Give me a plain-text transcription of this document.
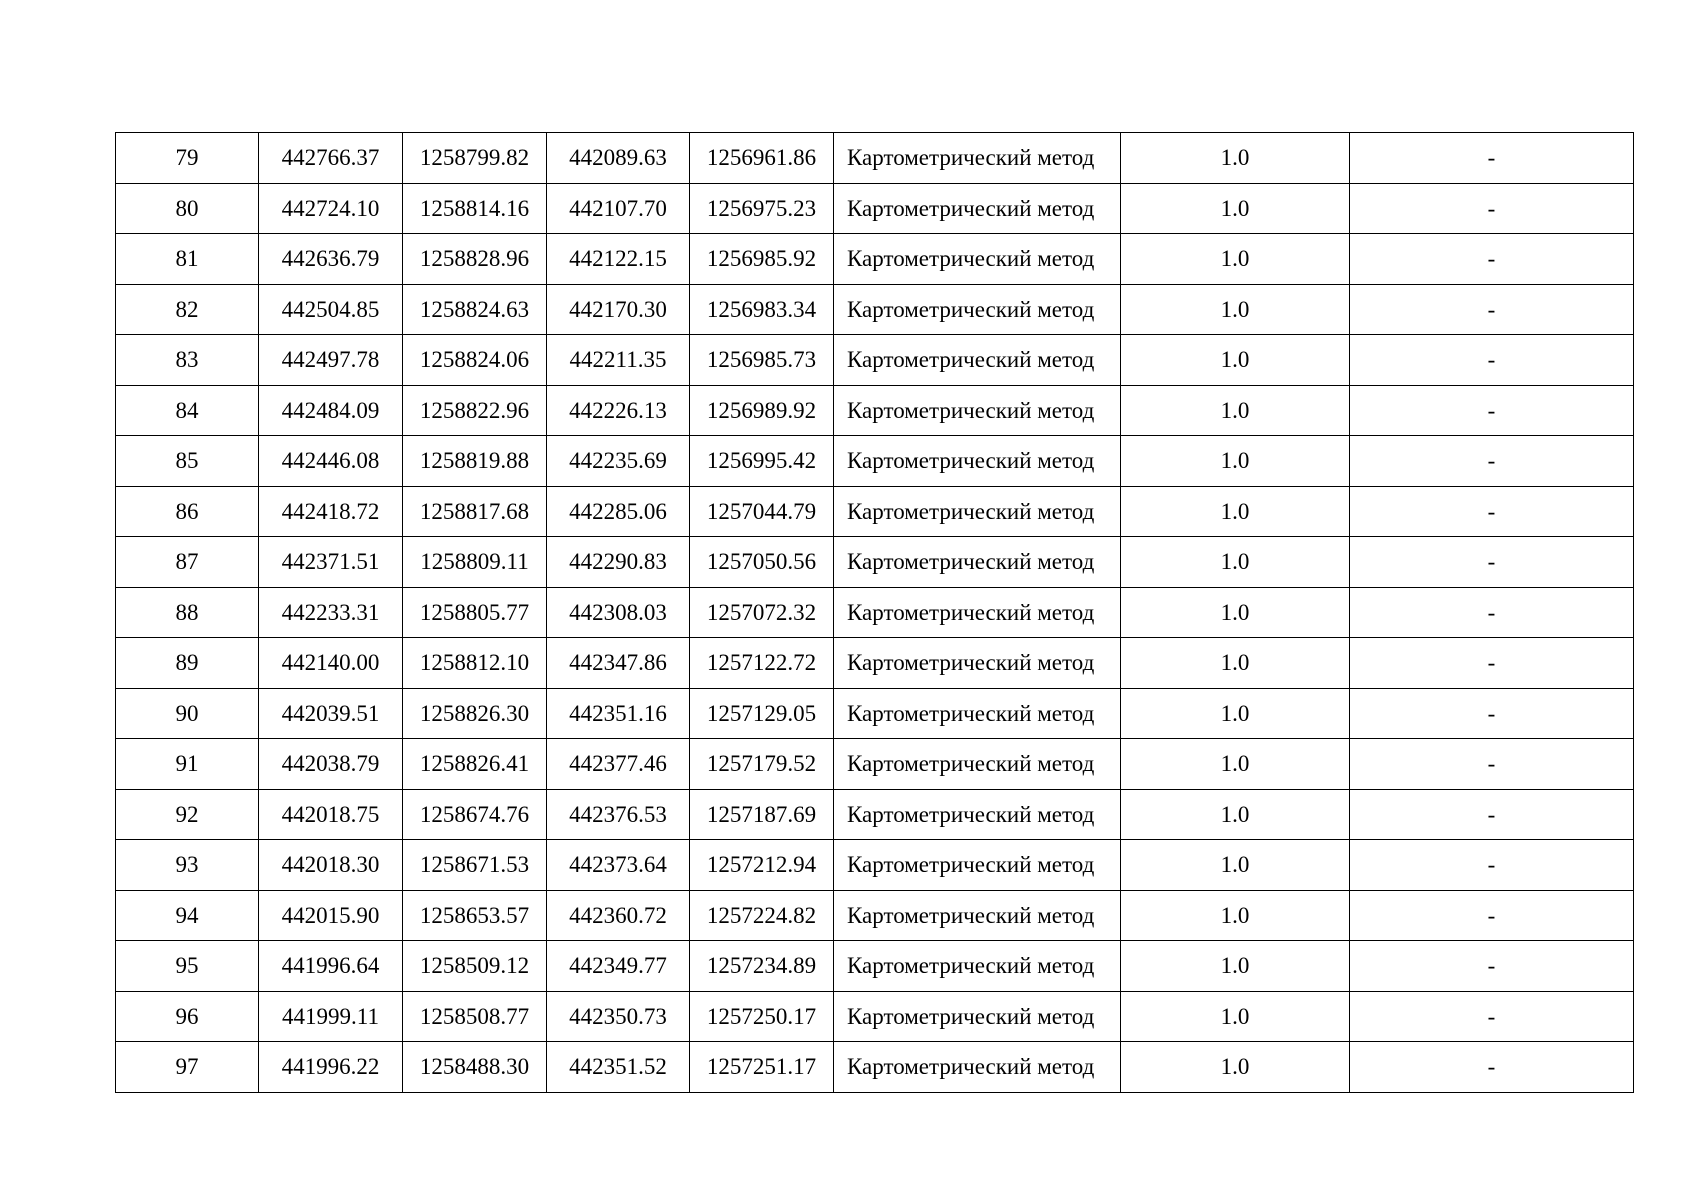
79	442766.37	1258799.82	442089.63	1256961.86	Картометрический метод	1.0	-
80	442724.10	1258814.16	442107.70	1256975.23	Картометрический метод	1.0	-
81	442636.79	1258828.96	442122.15	1256985.92	Картометрический метод	1.0	-
82	442504.85	1258824.63	442170.30	1256983.34	Картометрический метод	1.0	-
83	442497.78	1258824.06	442211.35	1256985.73	Картометрический метод	1.0	-
84	442484.09	1258822.96	442226.13	1256989.92	Картометрический метод	1.0	-
85	442446.08	1258819.88	442235.69	1256995.42	Картометрический метод	1.0	-
86	442418.72	1258817.68	442285.06	1257044.79	Картометрический метод	1.0	-
87	442371.51	1258809.11	442290.83	1257050.56	Картометрический метод	1.0	-
88	442233.31	1258805.77	442308.03	1257072.32	Картометрический метод	1.0	-
89	442140.00	1258812.10	442347.86	1257122.72	Картометрический метод	1.0	-
90	442039.51	1258826.30	442351.16	1257129.05	Картометрический метод	1.0	-
91	442038.79	1258826.41	442377.46	1257179.52	Картометрический метод	1.0	-
92	442018.75	1258674.76	442376.53	1257187.69	Картометрический метод	1.0	-
93	442018.30	1258671.53	442373.64	1257212.94	Картометрический метод	1.0	-
94	442015.90	1258653.57	442360.72	1257224.82	Картометрический метод	1.0	-
95	441996.64	1258509.12	442349.77	1257234.89	Картометрический метод	1.0	-
96	441999.11	1258508.77	442350.73	1257250.17	Картометрический метод	1.0	-
97	441996.22	1258488.30	442351.52	1257251.17	Картометрический метод	1.0	-
